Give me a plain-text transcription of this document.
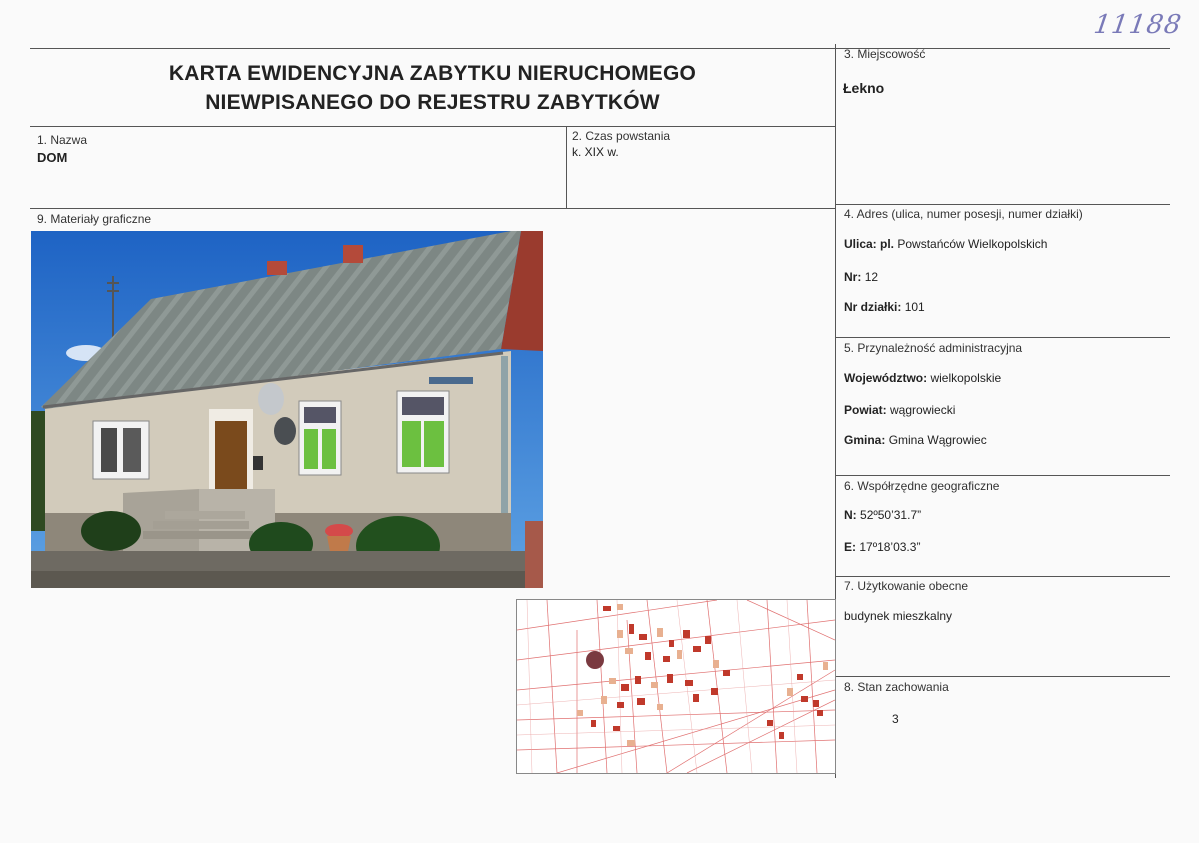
11188
KARTA EWIDENCYJNA ZABYTKU NIERUCHOMEGO
NIEWPISANEGO DO REJESTRU ZABYTKÓW
1. Nazwa
DOM
2. Czas powstania
k. XIX w.
3. Miejscowość
Łekno
4. Adres (ulica, numer posesji, numer działki)
Ulica: pl. Powstańców Wielkopolskich
Nr: 12
Nr działki: 101
5. Przynależność administracyjna
Województwo: wielkopolskie
Powiat: wągrowiecki
Gmina: Gmina Wągrowiec
6. Współrzędne geograficzne
N: 52º50’31.7”
E: 17º18’03.3”
7. Użytkowanie obecne
budynek mieszkalny
8. Stan zachowania
3
9. Materiały graficzne
